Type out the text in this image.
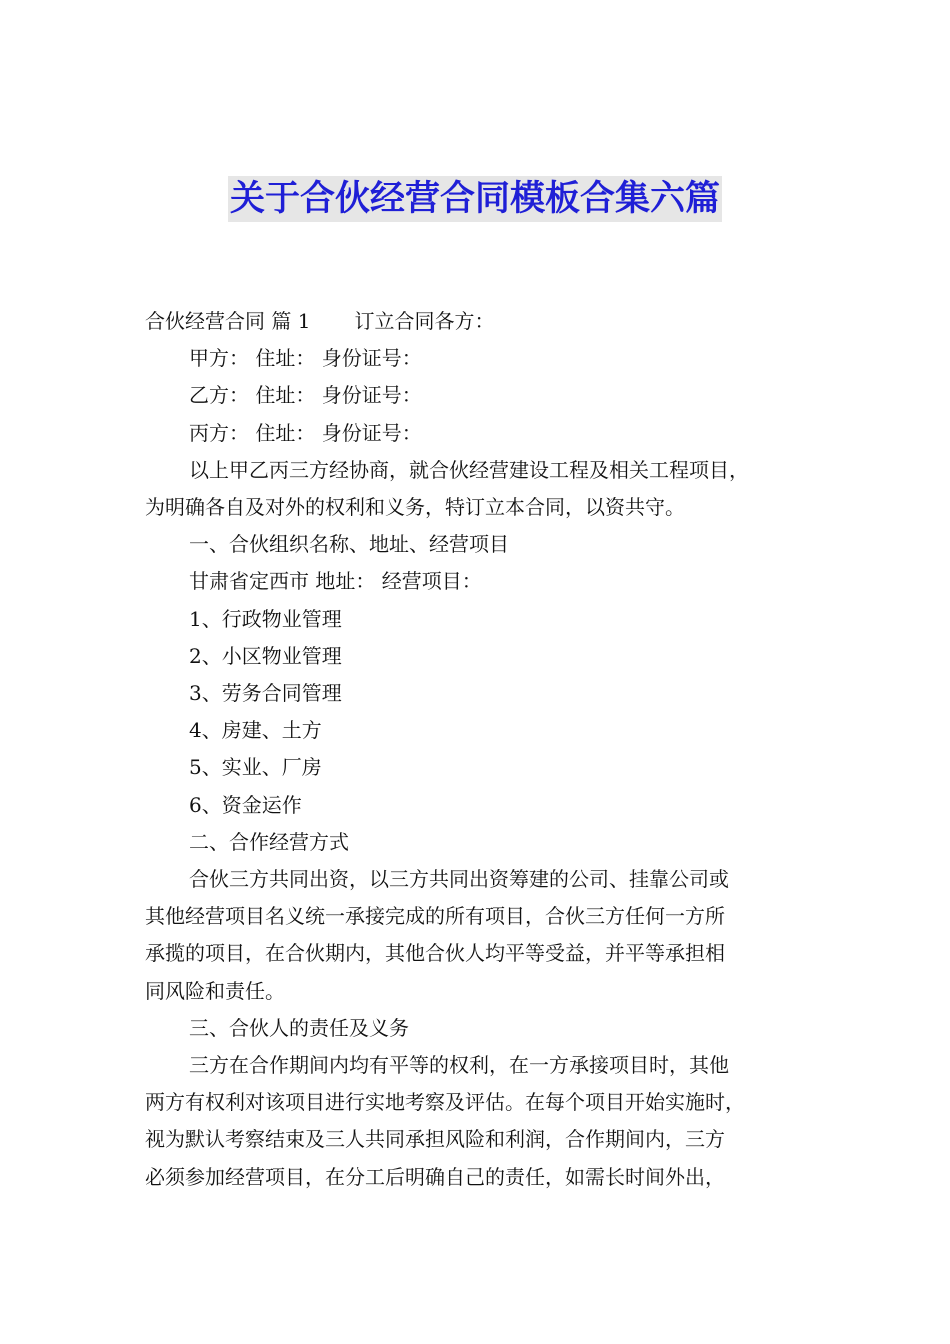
关于合伙经营合同模板合集六篇

合伙经营合同 篇 1 订立合同各方：

甲方： 住址： 身份证号：

乙方： 住址： 身份证号：

丙方： 住址： 身份证号：

以上甲乙丙三方经协商，就合伙经营建设工程及相关工程项目，

为明确各自及对外的权利和义务，特订立本合同，以资共守。

一、合伙组织名称、地址、经营项目

甘肃省定西市 地址： 经营项目：

1、行政物业管理

2、小区物业管理

3、劳务合同管理

4、房建、土方

5、实业、厂房

6、资金运作

二、合作经营方式

合伙三方共同出资，以三方共同出资筹建的公司、挂靠公司或

其他经营项目名义统一承接完成的所有项目，合伙三方任何一方所

承揽的项目，在合伙期内，其他合伙人均平等受益，并平等承担相

同风险和责任。

三、合伙人的责任及义务

三方在合作期间内均有平等的权利，在一方承接项目时，其他

两方有权利对该项目进行实地考察及评估。在每个项目开始实施时，

视为默认考察结束及三人共同承担风险和利润，合作期间内，三方

必须参加经营项目，在分工后明确自己的责任，如需长时间外出，
